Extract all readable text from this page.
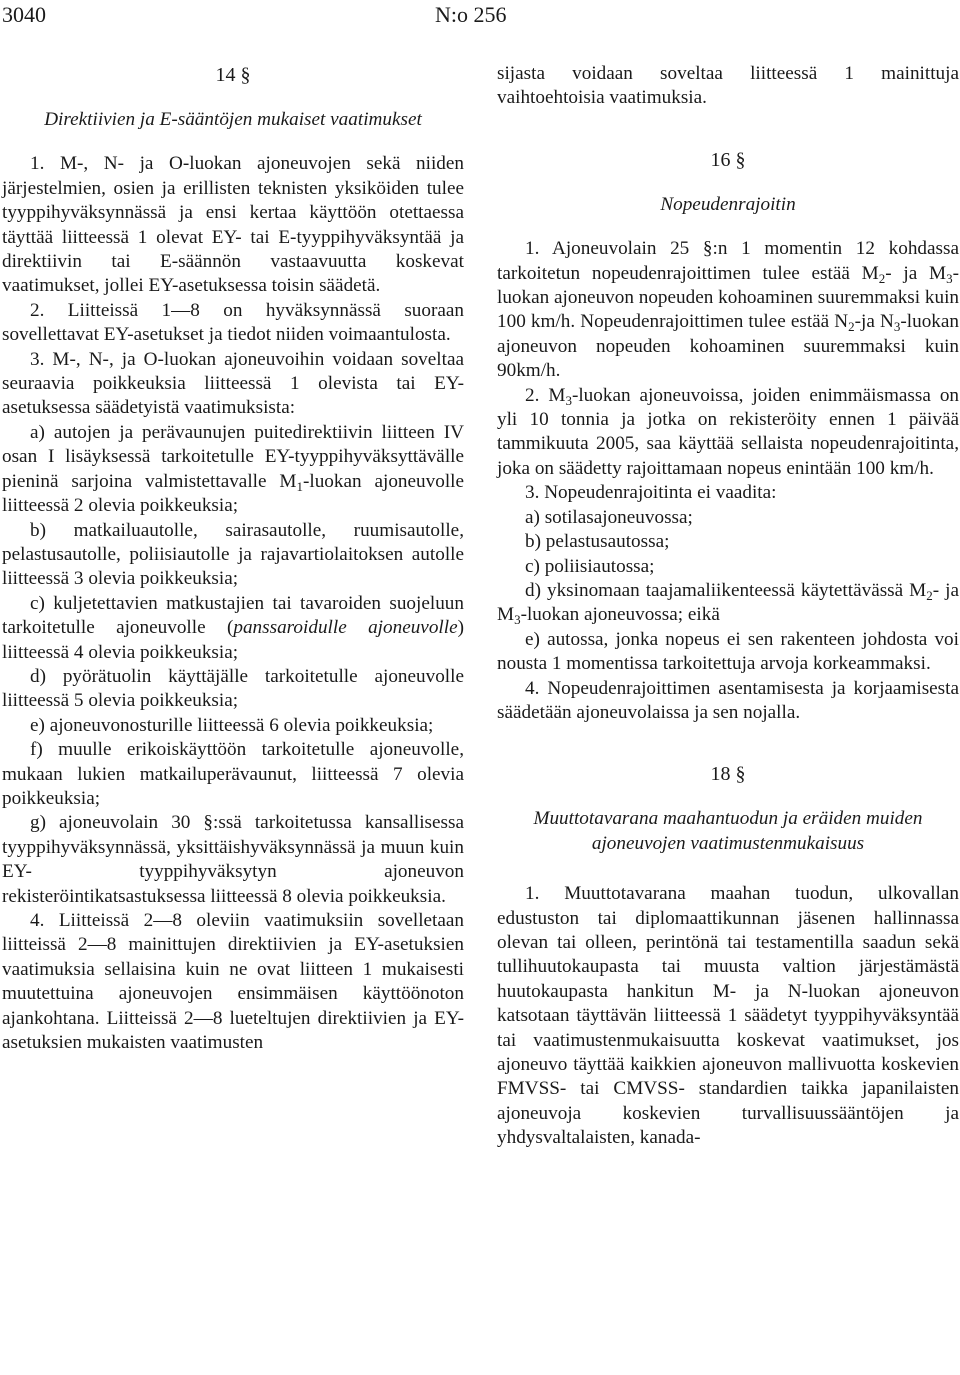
3040	N:o 256

14 §

Direktiivien ja E-sääntöjen mukaiset vaatimukset

1. M-, N- ja O-luokan ajoneuvojen sekä niiden järjestelmien, osien ja erillisten teknisten yksiköiden tulee tyyppihyväksynnässä ja ensi kertaa käyttöön otettaessa täyttää liitteessä 1 olevat EY- tai E-tyyppihyväksyntää ja direktiivin tai E-säännön vastaavuutta koskevat vaatimukset, jollei EY-asetuksessa toisin säädetä.

2. Liitteissä 1—8 on hyväksynnässä suoraan sovellettavat EY-asetukset ja tiedot niiden voimaantulosta.

3. M-, N-, ja O-luokan ajoneuvoihin voidaan soveltaa seuraavia poikkeuksia liitteessä 1 olevista tai EY-asetuksessa säädetyistä vaatimuksista:

a) autojen ja perävaunujen puitedirektiivin liitteen IV osan I lisäyksessä tarkoitetulle EY-tyyppihyväksyttävälle pieninä sarjoina valmistettavalle $M_1$-luokan ajoneuvolle liitteessä 2 olevia poikkeuksia;

b) matkailuautolle, sairasautolle, ruumisautolle, pelastusautolle, poliisiautolle ja rajavartiolaitoksen autolle liitteessä 3 olevia poikkeuksia;

c) kuljetettavien matkustajien tai tavaroiden suojeluun tarkoitetulle ajoneuvolle (panssaroidulle ajoneuvolle) liitteessä 4 olevia poikkeuksia;

d) pyörätuolin käyttäjälle tarkoitetulle ajoneuvolle liitteessä 5 olevia poikkeuksia;

e) ajoneuvonosturille liitteessä 6 olevia poikkeuksia;

f) muulle erikoiskäyttöön tarkoitetulle ajoneuvolle, mukaan lukien matkailuperävaunut, liitteessä 7 olevia poikkeuksia;

g) ajoneuvolain 30 §:ssä tarkoitetussa kansallisessa tyyppihyväksynnässä, yksittäishyväksynnässä ja muun kuin EY- tyyppihyväksytyn ajoneuvon rekisteröintikatsastuksessa liitteessä 8 olevia poikkeuksia.

4. Liitteissä 2—8 oleviin vaatimuksiin sovelletaan liitteissä 2—8 mainittujen direktiivien ja EY-asetuksien vaatimuksia sellaisina kuin ne ovat liitteen 1 mukaisesti muutettuina ajoneuvojen ensimmäisen käyttöönoton ajankohtana. Liitteissä 2—8 lueteltujen direktiivien ja EY-asetuksien mukaisten vaatimusten

sijasta voidaan soveltaa liitteessä 1 mainittuja vaihtoehtoisia vaatimuksia.

16 §

Nopeudenrajoitin

1. Ajoneuvolain 25 §:n 1 momentin 12 kohdassa tarkoitetun nopeudenrajoittimen tulee estää $M_2-$ ja $M_3$-luokan ajoneuvon nopeuden kohoaminen suuremmaksi kuin 100 km/h. Nopeudenrajoittimen tulee estää $N_2-ja$ $N_3$-luokan ajoneuvon nopeuden kohoaminen suuremmaksi kuin 90km/h.

2. $M_3$-luokan ajoneuvoissa, joiden enimmäismassa on yli 10 tonnia ja jotka on rekisteröity ennen 1 päivää tammikuuta 2005, saa käyttää sellaista nopeudenrajoitinta, joka on säädetty rajoittamaan nopeus enintään 100 km/h.

3. Nopeudenrajoitinta ei vaadita:

a) sotilasajoneuvossa;

b) pelastusautossa;

c) poliisiautossa;

d) yksinomaan taajamaliikenteessä käytettävässä $M_2-$ ja $M_3$-luokan ajoneuvossa; eikä

e) autossa, jonka nopeus ei sen rakenteen johdosta voi nousta 1 momentissa tarkoitettuja arvoja korkeammaksi.

4. Nopeudenrajoittimen asentamisesta ja korjaamisesta säädetään ajoneuvolaissa ja sen nojalla.

18 §

Muuttotavarana maahantuodun ja eräiden muiden ajoneuvojen vaatimustenmukaisuus

1. Muuttotavarana maahan tuodun, ulkovallan edustuston tai diplomaattikunnan jäsenen hallinnassa olevan tai olleen, perintönä tai testamentilla saadun sekä tullihuutokaupasta tai muusta valtion järjestämästä huutokaupasta hankitun M- ja N-luokan ajoneuvon katsotaan täyttävän liitteessä 1 säädetyt tyyppihyväksyntää tai vaatimustenmukaisuutta koskevat vaatimukset, jos ajoneuvo täyttää kaikkien ajoneuvon mallivuotta koskevien FMVSS- tai CMVSS- standardien taikka japanilaisten ajoneuvoja koskevien turvallisuussääntöjen ja yhdysvaltalaisten, kanada-
